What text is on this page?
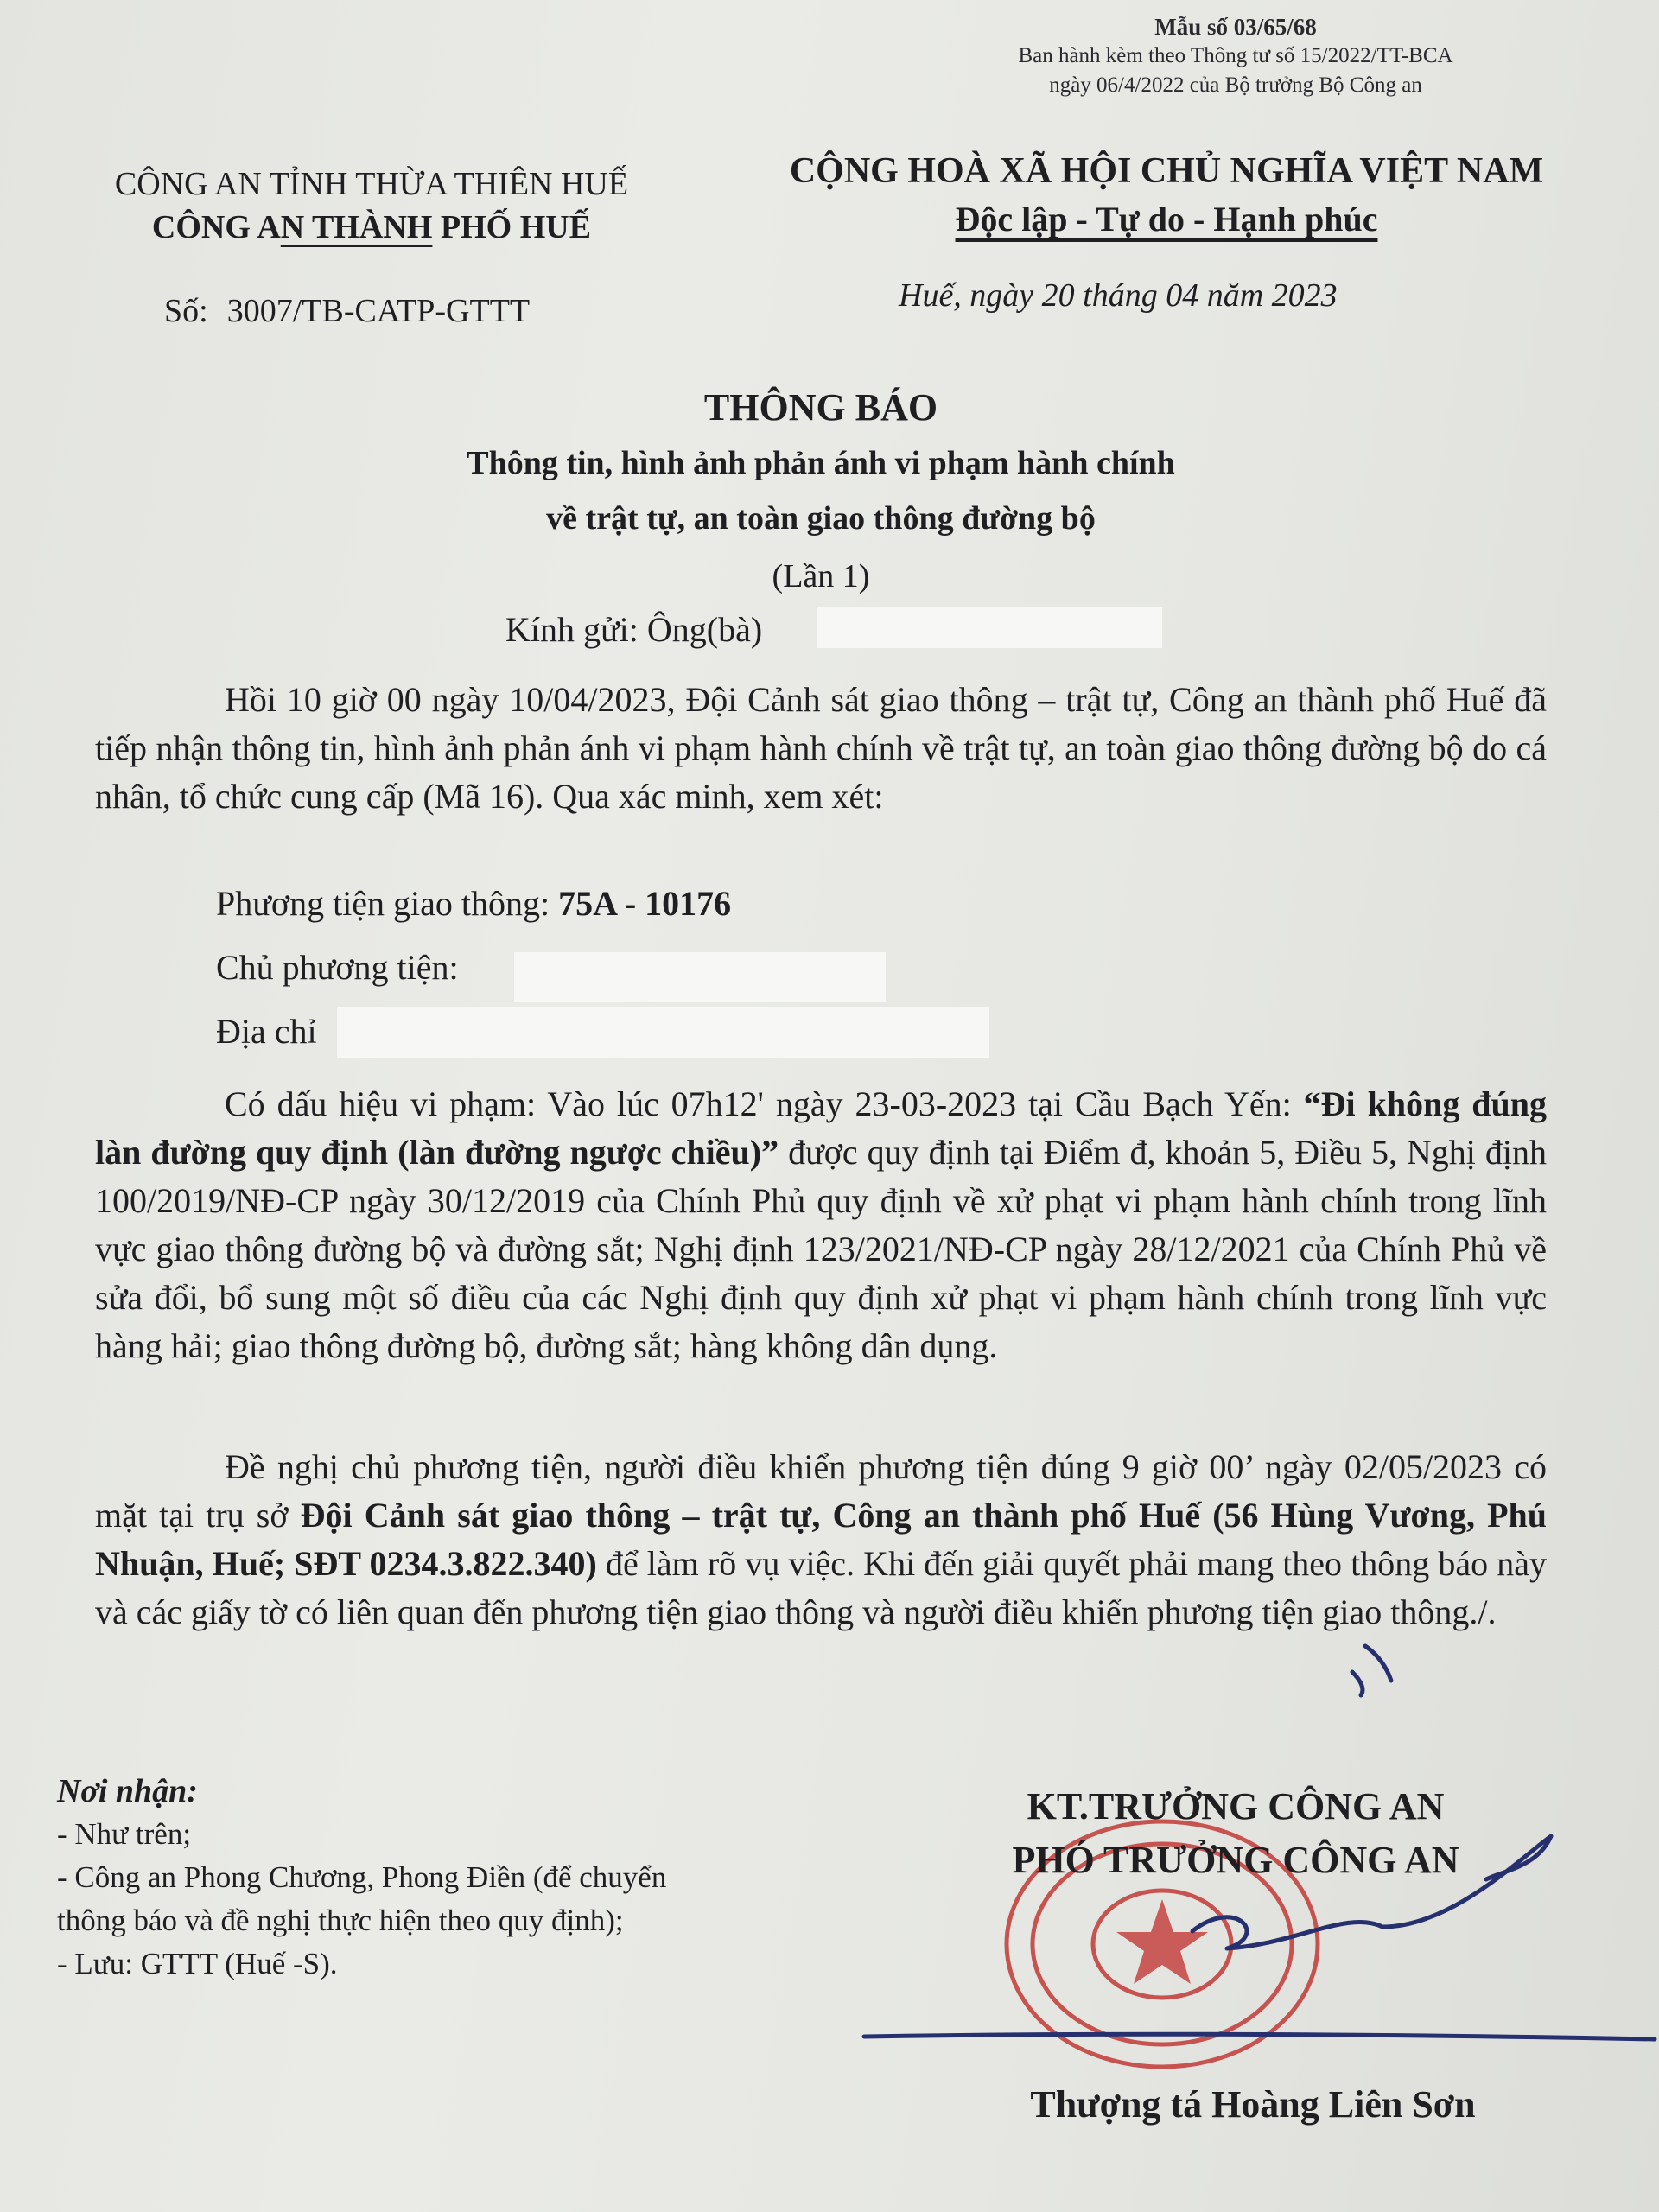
Mẫu số 03/65/68
Ban hành kèm theo Thông tư số 15/2022/TT-BCA
ngày 06/4/2022 của Bộ trưởng Bộ Công an
CÔNG AN TỈNH THỪA THIÊN HUẾ
CÔNG AN THÀNH PHỐ HUẾ
CỘNG HOÀ XÃ HỘI CHỦ NGHĨA VIỆT NAM
Độc lập - Tự do - Hạnh phúc
Số: 3007/TB-CATP-GTTT	Huế, ngày 20 tháng 04 năm 2023
THÔNG BÁO
Thông tin, hình ảnh phản ánh vi phạm hành chính
về trật tự, an toàn giao thông đường bộ
(Lần 1)
Kính gửi: Ông(bà)
Hồi 10 giờ 00 ngày 10/04/2023, Đội Cảnh sát giao thông – trật tự, Công an thành phố Huế đã tiếp nhận thông tin, hình ảnh phản ánh vi phạm hành chính về trật tự, an toàn giao thông đường bộ do cá nhân, tổ chức cung cấp (Mã 16). Qua xác minh, xem xét:
Phương tiện giao thông: 75A - 10176
Chủ phương tiện:
Địa chỉ
Có dấu hiệu vi phạm: Vào lúc 07h12' ngày 23-03-2023 tại Cầu Bạch Yến: “Đi không đúng làn đường quy định (làn đường ngược chiều)” được quy định tại Điểm đ, khoản 5, Điều 5, Nghị định 100/2019/NĐ-CP ngày 30/12/2019 của Chính Phủ quy định về xử phạt vi phạm hành chính trong lĩnh vực giao thông đường bộ và đường sắt; Nghị định 123/2021/NĐ-CP ngày 28/12/2021 của Chính Phủ về sửa đổi, bổ sung một số điều của các Nghị định quy định xử phạt vi phạm hành chính trong lĩnh vực hàng hải; giao thông đường bộ, đường sắt; hàng không dân dụng.
Đề nghị chủ phương tiện, người điều khiển phương tiện đúng 9 giờ 00’ ngày 02/05/2023 có mặt tại trụ sở Đội Cảnh sát giao thông – trật tự, Công an thành phố Huế (56 Hùng Vương, Phú Nhuận, Huế; SĐT 0234.3.822.340) để làm rõ vụ việc. Khi đến giải quyết phải mang theo thông báo này và các giấy tờ có liên quan đến phương tiện giao thông và người điều khiển phương tiện giao thông./.
Nơi nhận:
- Như trên;
- Công an Phong Chương, Phong Điền (để chuyển
thông báo và đề nghị thực hiện theo quy định);
- Lưu: GTTT (Huế -S).
KT.TRƯỞNG CÔNG AN
PHÓ TRƯỞNG CÔNG AN
Thượng tá Hoàng Liên Sơn
